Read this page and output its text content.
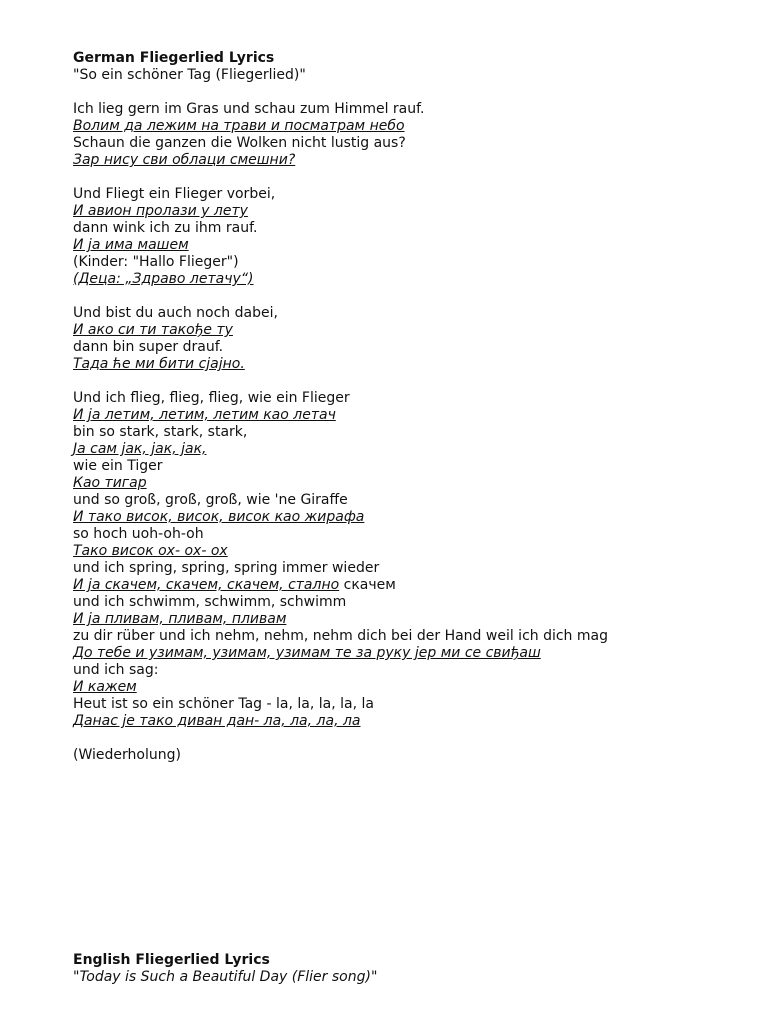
German Fliegerlied Lyrics
"So ein schöner Tag (Fliegerlied)"
Ich lieg gern im Gras und schau zum Himmel rauf.
Волим да лежим на трави и посматрам небо
Schaun die ganzen die Wolken nicht lustig aus?
Зар нису сви облаци смешни?
Und Fliegt ein Flieger vorbei,
И авион пролази у лету
dann wink ich zu ihm rauf.
И ја има машем
(Kinder: "Hallo Flieger")
(Деца: „Здраво летачу“)
Und bist du auch noch dabei,
И ако си ти такође ту
dann bin super drauf.
Тада ће ми бити сјајно.
Und ich flieg, flieg, flieg, wie ein Flieger
И ја летим, летим, летим као летач
bin so stark, stark, stark,
Ја сам јак, јак, јак,
wie ein Tiger
Као тигар
und so groß, groß, groß, wie 'ne Giraffe
И тако висок, висок, висок као жирафа
so hoch uoh-oh-oh
Тако висок ох- ох- ох
und ich spring, spring, spring immer wieder
И ја скачем, скачем, скачем, стално скачем
und ich schwimm, schwimm, schwimm
И ја пливам, пливам, пливам
zu dir rüber und ich nehm, nehm, nehm dich bei der Hand weil ich dich mag
До тебе и узимам, узимам, узимам те за руку јер ми се свиђаш
und ich sag:
И кажем
Heut ist so ein schöner Tag - la, la, la, la, la
Данас је тако диван дан- ла, ла, ла, ла
(Wiederholung)
English Fliegerlied Lyrics
"Today is Such a Beautiful Day (Flier song)"
